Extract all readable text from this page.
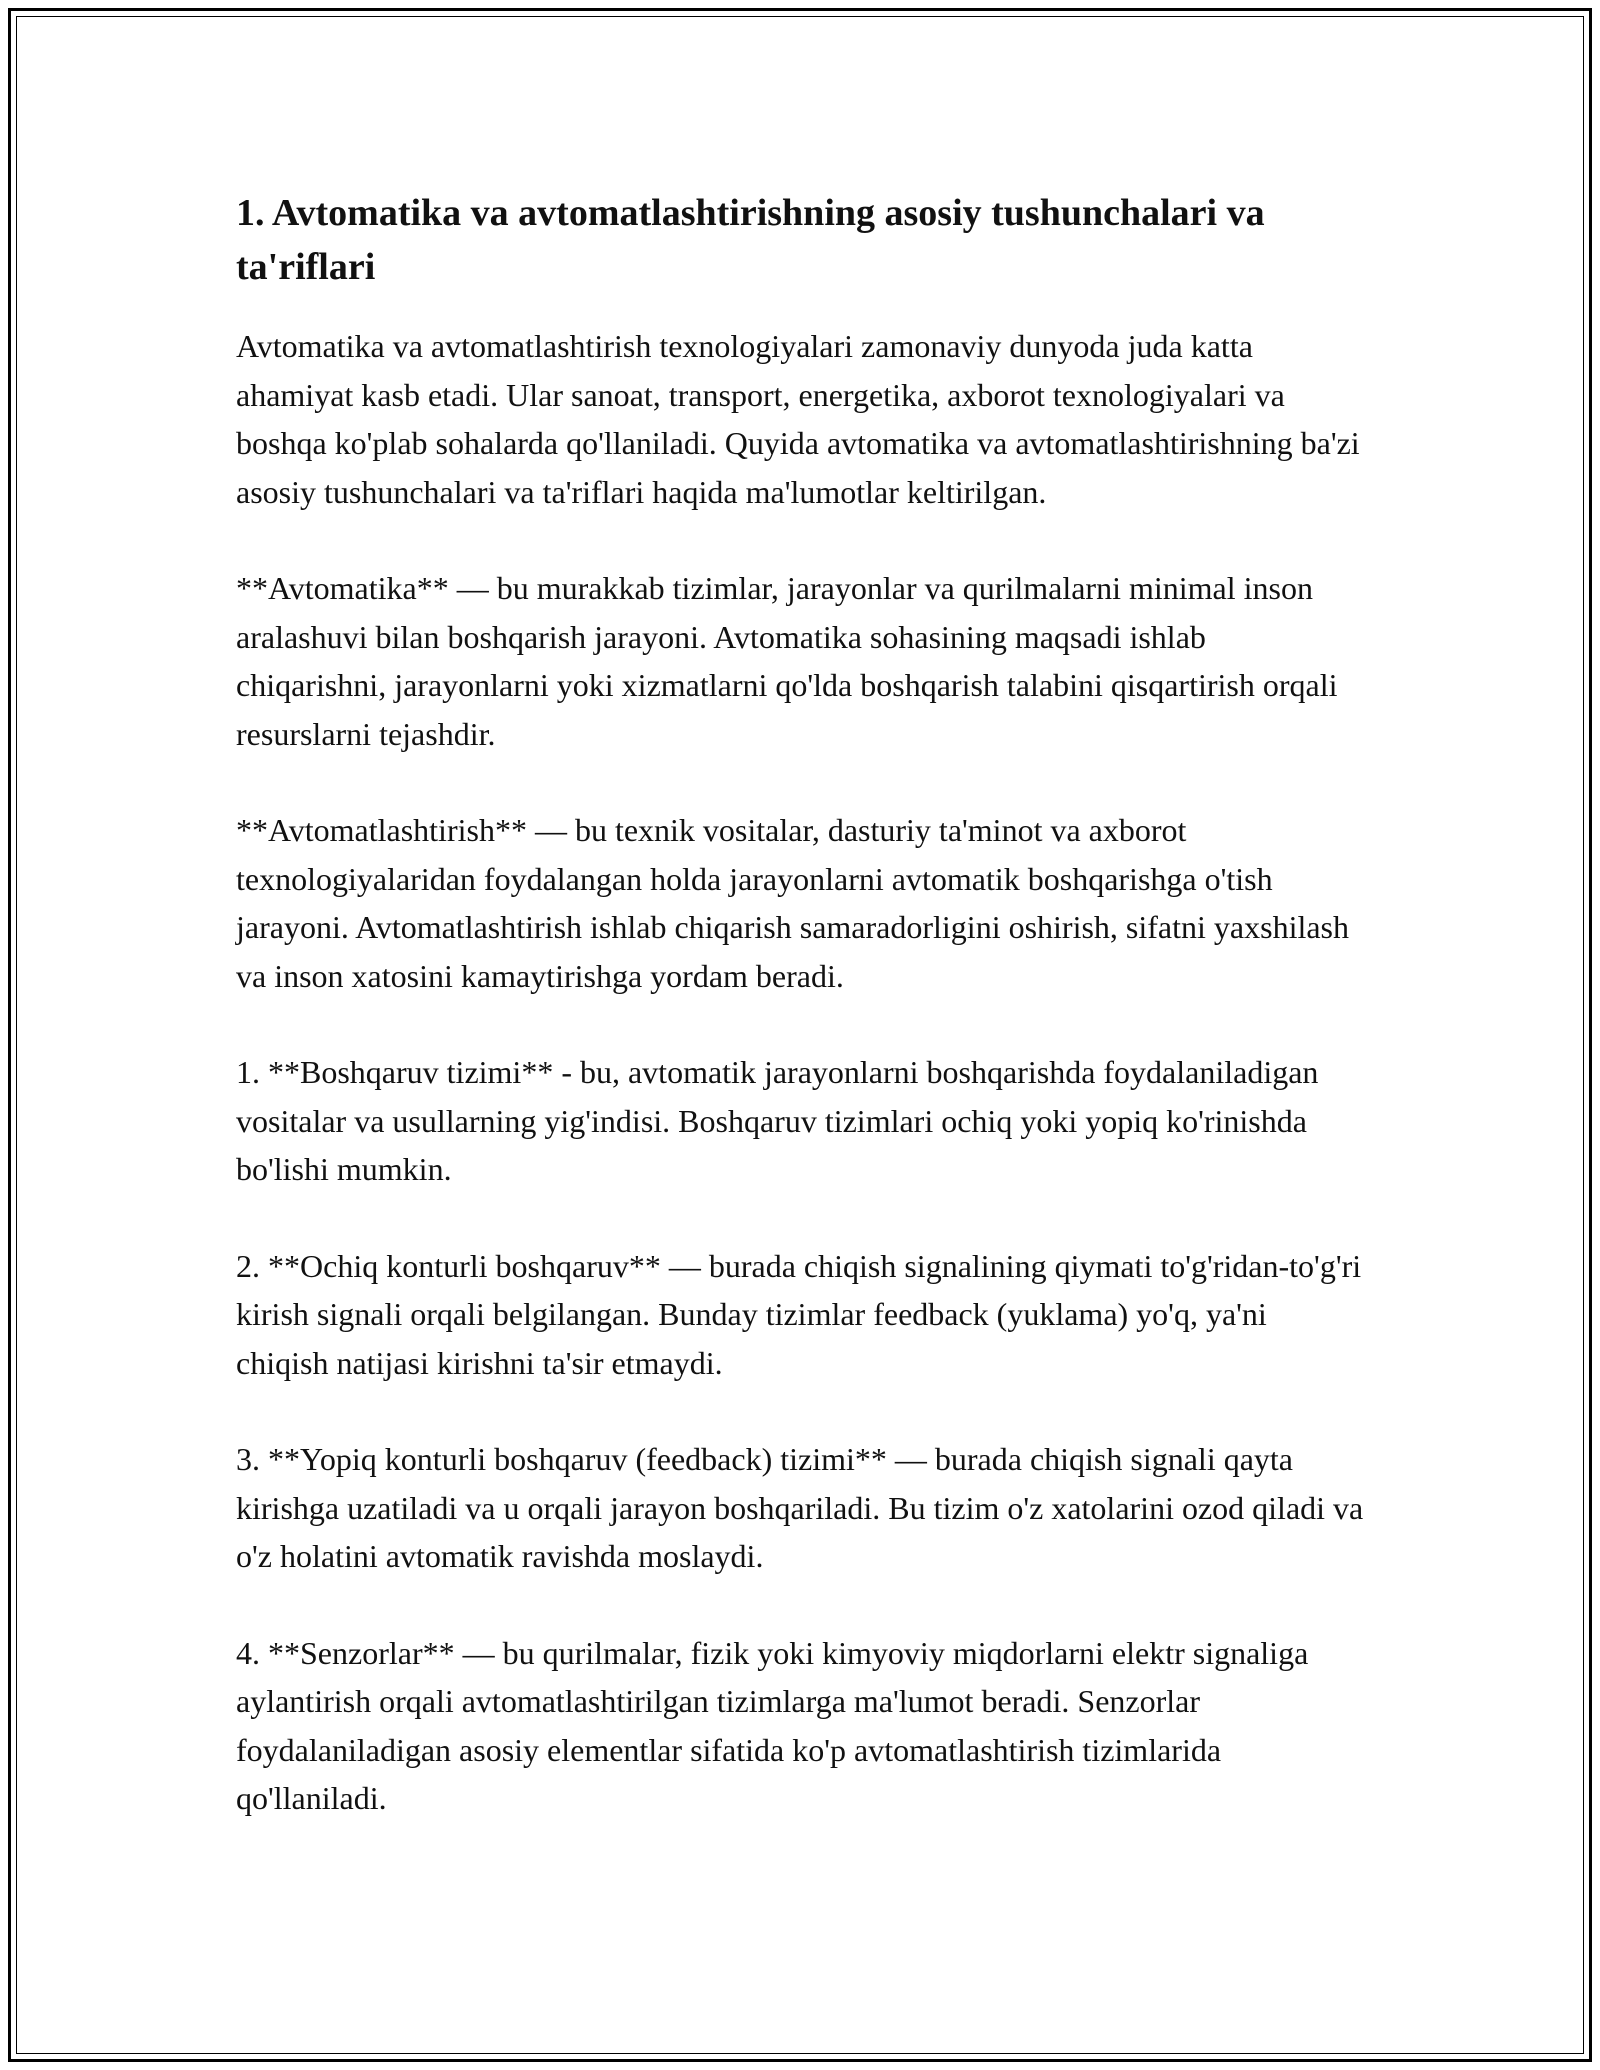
1. Avtomatika va avtomatlashtirishning asosiy tushunchalari va ta'riflari

Avtomatika va avtomatlashtirish texnologiyalari zamonaviy dunyoda juda katta ahamiyat kasb etadi. Ular sanoat, transport, energetika, axborot texnologiyalari va boshqa ko'plab sohalarda qo'llaniladi. Quyida avtomatika va avtomatlashtirishning ba'zi asosiy tushunchalari va ta'riflari haqida ma'lumotlar keltirilgan.

**Avtomatika** — bu murakkab tizimlar, jarayonlar va qurilmalarni minimal inson aralashuvi bilan boshqarish jarayoni. Avtomatika sohasining maqsadi ishlab chiqarishni, jarayonlarni yoki xizmatlarni qo'lda boshqarish talabini qisqartirish orqali resurslarni tejashdir.

**Avtomatlashtirish** — bu texnik vositalar, dasturiy ta'minot va axborot texnologiyalaridan foydalangan holda jarayonlarni avtomatik boshqarishga o'tish jarayoni. Avtomatlashtirish ishlab chiqarish samaradorligini oshirish, sifatni yaxshilash va inson xatosini kamaytirishga yordam beradi.

1. **Boshqaruv tizimi** - bu, avtomatik jarayonlarni boshqarishda foydalaniladigan vositalar va usullarning yig'indisi. Boshqaruv tizimlari ochiq yoki yopiq ko'rinishda bo'lishi mumkin.

2. **Ochiq konturli boshqaruv** — burada chiqish signalining qiymati to'g'ridan-to'g'ri kirish signali orqali belgilangan. Bunday tizimlar feedback (yuklama) yo'q, ya'ni chiqish natijasi kirishni ta'sir etmaydi.

3. **Yopiq konturli boshqaruv (feedback) tizimi** — burada chiqish signali qayta kirishga uzatiladi va u orqali jarayon boshqariladi. Bu tizim o'z xatolarini ozod qiladi va o'z holatini avtomatik ravishda moslaydi.

4. **Senzorlar** — bu qurilmalar, fizik yoki kimyoviy miqdorlarni elektr signaliga aylantirish orqali avtomatlashtirilgan tizimlarga ma'lumot beradi. Senzorlar foydalaniladigan asosiy elementlar sifatida ko'p avtomatlashtirish tizimlarida qo'llaniladi.
